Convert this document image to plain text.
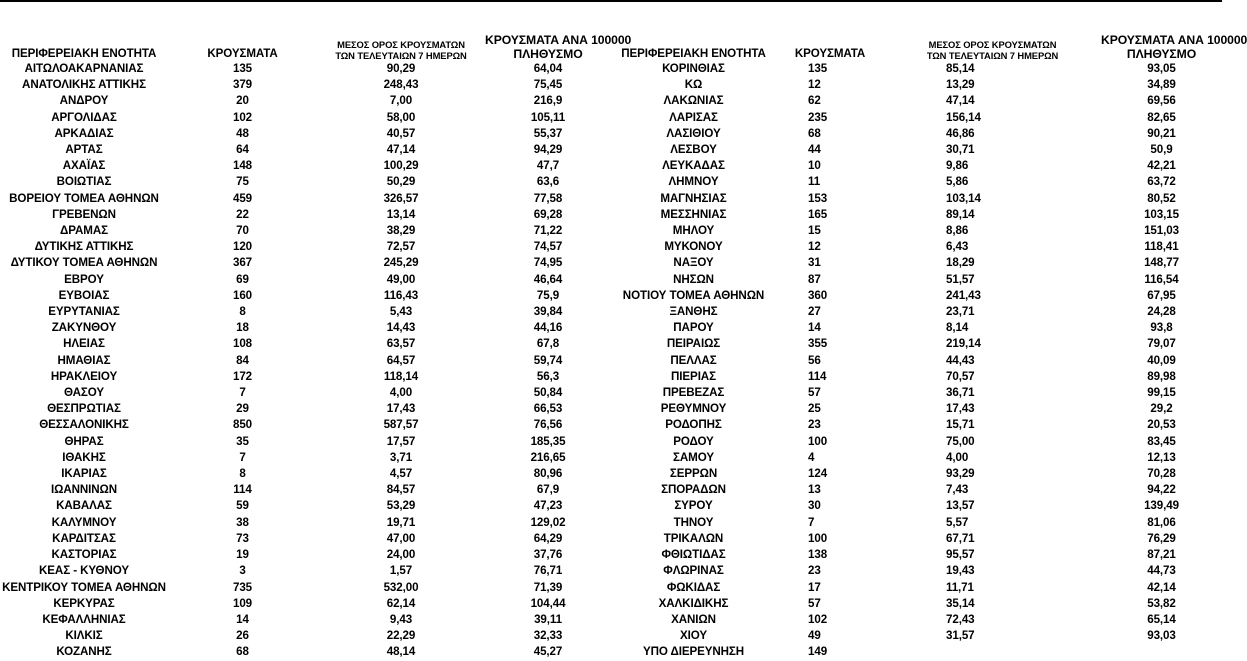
ΠΕΡΙΦΕΡΕΙΑΚΗ ΕΝΟΤΗΤΑ	ΚΡΟΥΣΜΑΤΑ	ΜΕΣΟΣ ΟΡΟΣ ΚΡΟΥΣΜΑΤΩΝ
ΤΩΝ ΤΕΛΕΥΤΑΙΩΝ 7 ΗΜΕΡΩΝ	ΚΡΟΥΣΜΑΤΑ ΑΝΑ 100000
ΠΛΗΘΥΣΜΟ
ΑΙΤΩΛΟΑΚΑΡΝΑΝΙΑΣ	135	90,29	64,04
ΑΝΑΤΟΛΙΚΗΣ ΑΤΤΙΚΗΣ	379	248,43	75,45
ΑΝΔΡΟΥ	20	7,00	216,9
ΑΡΓΟΛΙΔΑΣ	102	58,00	105,11
ΑΡΚΑΔΙΑΣ	48	40,57	55,37
ΑΡΤΑΣ	64	47,14	94,29
ΑΧΑΪΑΣ	148	100,29	47,7
ΒΟΙΩΤΙΑΣ	75	50,29	63,6
ΒΟΡΕΙΟΥ ΤΟΜΕΑ ΑΘΗΝΩΝ	459	326,57	77,58
ΓΡΕΒΕΝΩΝ	22	13,14	69,28
ΔΡΑΜΑΣ	70	38,29	71,22
ΔΥΤΙΚΗΣ ΑΤΤΙΚΗΣ	120	72,57	74,57
ΔΥΤΙΚΟΥ ΤΟΜΕΑ ΑΘΗΝΩΝ	367	245,29	74,95
ΕΒΡΟΥ	69	49,00	46,64
ΕΥΒΟΙΑΣ	160	116,43	75,9
ΕΥΡΥΤΑΝΙΑΣ	8	5,43	39,84
ΖΑΚΥΝΘΟΥ	18	14,43	44,16
ΗΛΕΙΑΣ	108	63,57	67,8
ΗΜΑΘΙΑΣ	84	64,57	59,74
ΗΡΑΚΛΕΙΟΥ	172	118,14	56,3
ΘΑΣΟΥ	7	4,00	50,84
ΘΕΣΠΡΩΤΙΑΣ	29	17,43	66,53
ΘΕΣΣΑΛΟΝΙΚΗΣ	850	587,57	76,56
ΘΗΡΑΣ	35	17,57	185,35
ΙΘΑΚΗΣ	7	3,71	216,65
ΙΚΑΡΙΑΣ	8	4,57	80,96
ΙΩΑΝΝΙΝΩΝ	114	84,57	67,9
ΚΑΒΑΛΑΣ	59	53,29	47,23
ΚΑΛΥΜΝΟΥ	38	19,71	129,02
ΚΑΡΔΙΤΣΑΣ	73	47,00	64,29
ΚΑΣΤΟΡΙΑΣ	19	24,00	37,76
ΚΕΑΣ - ΚΥΘΝΟΥ	3	1,57	76,71
ΚΕΝΤΡΙΚΟΥ ΤΟΜΕΑ ΑΘΗΝΩΝ	735	532,00	71,39
ΚΕΡΚΥΡΑΣ	109	62,14	104,44
ΚΕΦΑΛΛΗΝΙΑΣ	14	9,43	39,11
ΚΙΛΚΙΣ	26	22,29	32,33
ΚΟΖΑΝΗΣ	68	48,14	45,27
ΠΕΡΙΦΕΡΕΙΑΚΗ ΕΝΟΤΗΤΑ	ΚΡΟΥΣΜΑΤΑ	ΜΕΣΟΣ ΟΡΟΣ ΚΡΟΥΣΜΑΤΩΝ
ΤΩΝ ΤΕΛΕΥΤΑΙΩΝ 7 ΗΜΕΡΩΝ	ΚΡΟΥΣΜΑΤΑ ΑΝΑ 100000
ΠΛΗΘΥΣΜΟ
ΚΟΡΙΝΘΙΑΣ	135	85,14	93,05
ΚΩ	12	13,29	34,89
ΛΑΚΩΝΙΑΣ	62	47,14	69,56
ΛΑΡΙΣΑΣ	235	156,14	82,65
ΛΑΣΙΘΙΟΥ	68	46,86	90,21
ΛΕΣΒΟΥ	44	30,71	50,9
ΛΕΥΚΑΔΑΣ	10	9,86	42,21
ΛΗΜΝΟΥ	11	5,86	63,72
ΜΑΓΝΗΣΙΑΣ	153	103,14	80,52
ΜΕΣΣΗΝΙΑΣ	165	89,14	103,15
ΜΗΛΟΥ	15	8,86	151,03
ΜΥΚΟΝΟΥ	12	6,43	118,41
ΝΑΞΟΥ	31	18,29	148,77
ΝΗΣΩΝ	87	51,57	116,54
ΝΟΤΙΟΥ ΤΟΜΕΑ ΑΘΗΝΩΝ	360	241,43	67,95
ΞΑΝΘΗΣ	27	23,71	24,28
ΠΑΡΟΥ	14	8,14	93,8
ΠΕΙΡΑΙΩΣ	355	219,14	79,07
ΠΕΛΛΑΣ	56	44,43	40,09
ΠΙΕΡΙΑΣ	114	70,57	89,98
ΠΡΕΒΕΖΑΣ	57	36,71	99,15
ΡΕΘΥΜΝΟΥ	25	17,43	29,2
ΡΟΔΟΠΗΣ	23	15,71	20,53
ΡΟΔΟΥ	100	75,00	83,45
ΣΑΜΟΥ	4	4,00	12,13
ΣΕΡΡΩΝ	124	93,29	70,28
ΣΠΟΡΑΔΩΝ	13	7,43	94,22
ΣΥΡΟΥ	30	13,57	139,49
ΤΗΝΟΥ	7	5,57	81,06
ΤΡΙΚΑΛΩΝ	100	67,71	76,29
ΦΘΙΩΤΙΔΑΣ	138	95,57	87,21
ΦΛΩΡΙΝΑΣ	23	19,43	44,73
ΦΩΚΙΔΑΣ	17	11,71	42,14
ΧΑΛΚΙΔΙΚΗΣ	57	35,14	53,82
ΧΑΝΙΩΝ	102	72,43	65,14
ΧΙΟΥ	49	31,57	93,03
ΥΠΟ ΔΙΕΡΕΥΝΗΣΗ	149		
